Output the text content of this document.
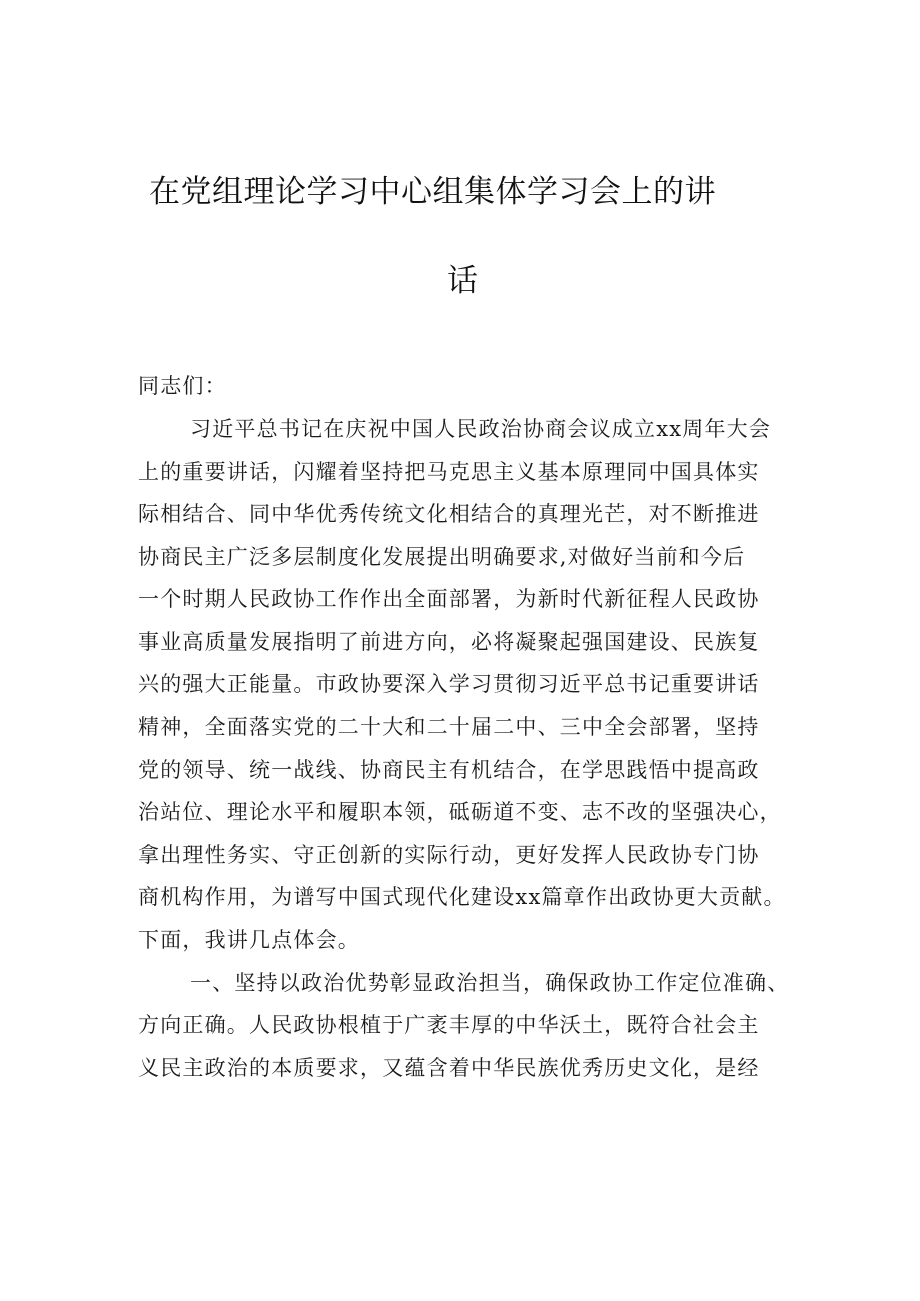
在党组理论学习中心组集体学习会上的讲
话
同志们：
习近平总书记在庆祝中国人民政治协商会议成立xx周年大会
上的重要讲话，闪耀着坚持把马克思主义基本原理同中国具体实
际相结合、同中华优秀传统文化相结合的真理光芒，对不断推进
协商民主广泛多层制度化发展提出明确要求,对做好当前和今后
一个时期人民政协工作作出全面部署，为新时代新征程人民政协
事业高质量发展指明了前进方向，必将凝聚起强国建设、民族复
兴的强大正能量。市政协要深入学习贯彻习近平总书记重要讲话
精神，全面落实党的二十大和二十届二中、三中全会部署，坚持
党的领导、统一战线、协商民主有机结合，在学思践悟中提高政
治站位、理论水平和履职本领，砥砺道不变、志不改的坚强决心，
拿出理性务实、守正创新的实际行动，更好发挥人民政协专门协
商机构作用，为谱写中国式现代化建设xx篇章作出政协更大贡献。
下面，我讲几点体会。
一、坚持以政治优势彰显政治担当，确保政协工作定位准确、
方向正确。人民政协根植于广袤丰厚的中华沃土，既符合社会主
义民主政治的本质要求，又蕴含着中华民族优秀历史文化，是经
